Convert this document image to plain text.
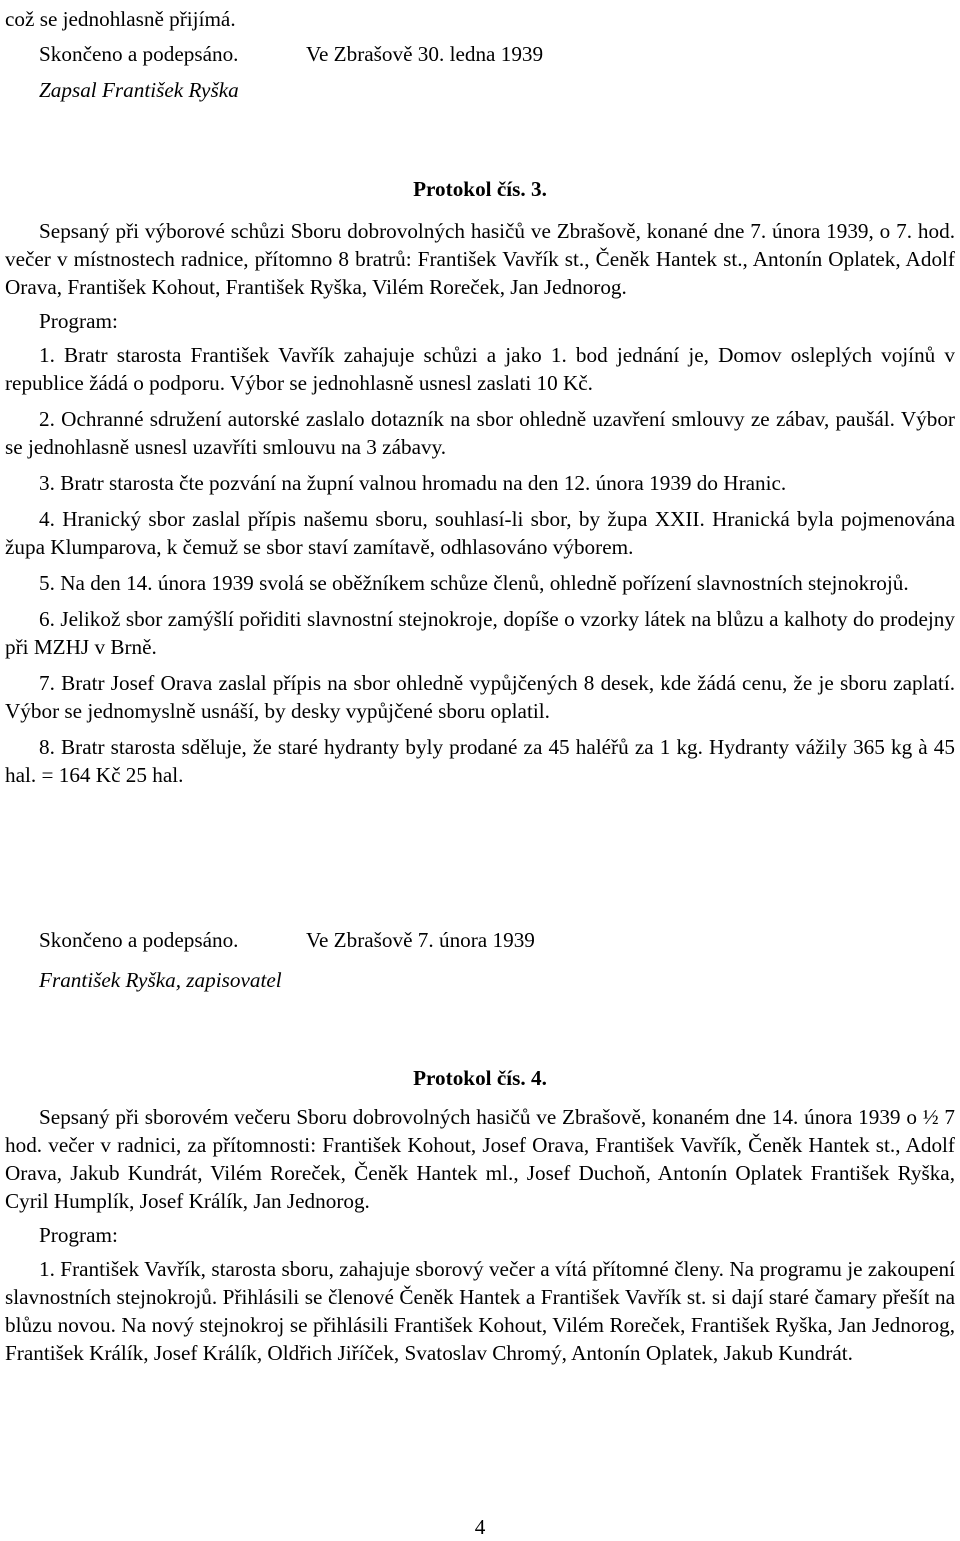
což se jednohlasně přijímá.
Skončeno a podepsáno.	Ve Zbrašově 30. ledna 1939
Zapsal František Ryška
Protokol čís. 3.

Sepsaný při výborové schůzi Sboru dobrovolných hasičů ve Zbrašově, konané dne 7. února 1939, o 7. hod. večer v místnostech radnice, přítomno 8 bratrů: František Vavřík st., Čeněk Hantek st., Antonín Oplatek, Adolf Orava, František Kohout, František Ryška, Vilém Roreček, Jan Jednorog.

Program:

1. Bratr starosta František Vavřík zahajuje schůzi a jako 1. bod jednání je, Domov osleplých vojínů v republice žádá o podporu. Výbor se jednohlasně usnesl zaslati 10 Kč.

2. Ochranné sdružení autorské zaslalo dotazník na sbor ohledně uzavření smlouvy ze zábav, paušál. Výbor se jednohlasně usnesl uzavříti smlouvu na 3 zábavy.

3. Bratr starosta čte pozvání na župní valnou hromadu na den 12. února 1939 do Hranic.

4. Hranický sbor zaslal přípis našemu sboru, souhlasí-li sbor, by župa XXII. Hranická byla pojmenována župa Klumparova, k čemuž se sbor staví zamítavě, odhlasováno výborem.

5. Na den 14. února 1939 svolá se oběžníkem schůze členů, ohledně pořízení slavnostních stejnokrojů.

6. Jelikož sbor zamýšlí pořiditi slavnostní stejnokroje, dopíše o vzorky látek na blůzu a kalhoty do prodejny při MZHJ v Brně.

7. Bratr Josef Orava zaslal přípis na sbor ohledně vypůjčených 8 desek, kde žádá cenu, že je sboru zaplatí. Výbor se jednomyslně usnáší, by desky vypůjčené sboru oplatil.

8. Bratr starosta sděluje, že staré hydranty byly prodané za 45 haléřů za 1 kg. Hydranty vážily 365 kg à 45 hal. = 164 Kč 25 hal.

Skončeno a podepsáno.	Ve Zbrašově 7. února 1939
František Ryška, zapisovatel
Protokol čís. 4.

Sepsaný při sborovém večeru Sboru dobrovolných hasičů ve Zbrašově, konaném dne 14. února 1939 o ½ 7 hod. večer v radnici, za přítomnosti: František Kohout, Josef Orava, František Vavřík, Čeněk Hantek st., Adolf Orava, Jakub Kundrát, Vilém Roreček, Čeněk Hantek ml., Josef Duchoň, Antonín Oplatek František Ryška, Cyril Humplík, Josef Králík, Jan Jednorog.

Program:

1. František Vavřík, starosta sboru, zahajuje sborový večer a vítá přítomné členy. Na programu je zakoupení slavnostních stejnokrojů. Přihlásili se členové Čeněk Hantek a František Vavřík st. si dají staré čamary přešít na blůzu novou. Na nový stejnokroj se přihlásili František Kohout, Vilém Roreček, František Ryška, Jan Jednorog, František Králík, Josef Králík, Oldřich Jiříček, Svatoslav Chromý, Antonín Oplatek, Jakub Kundrát.

4
